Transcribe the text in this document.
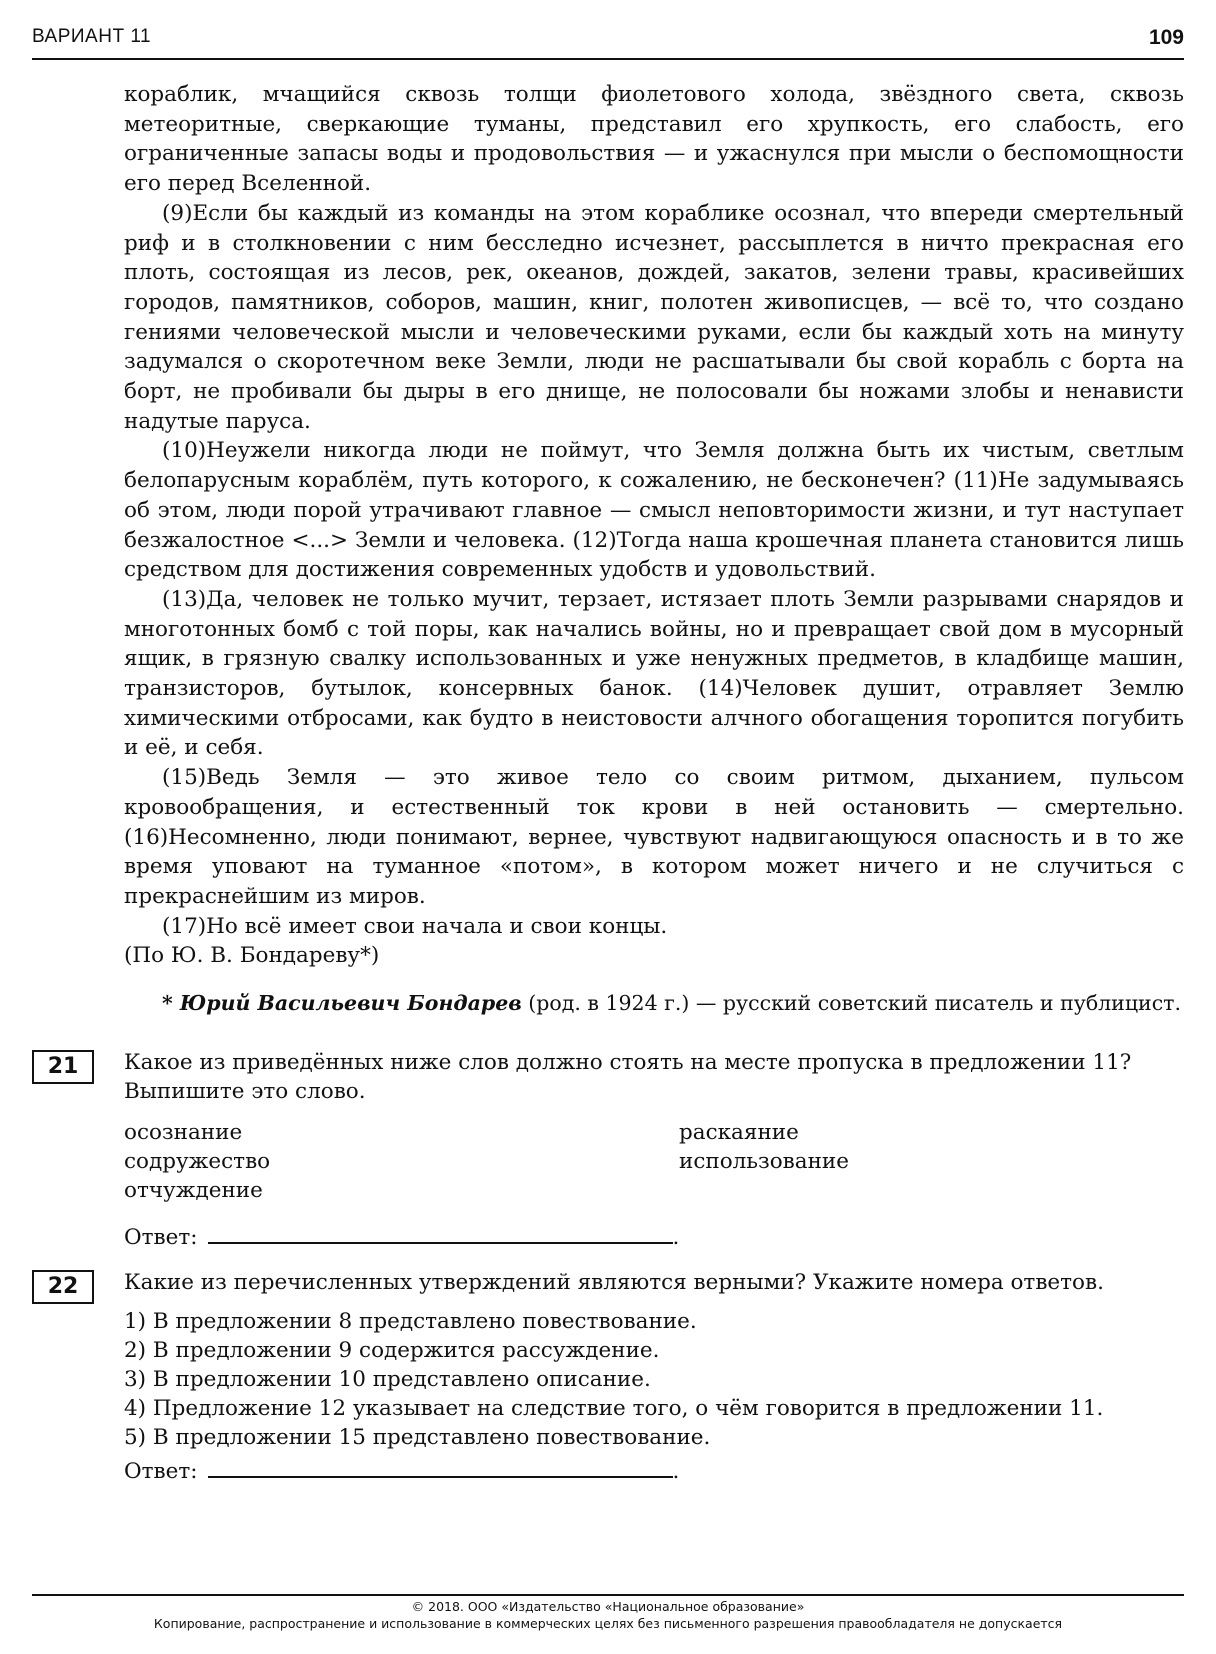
ВАРИАНТ 11	109

кораблик, мчащийся сквозь толщи фиолетового холода, звёздного света, сквозь метеоритные, сверкающие туманы, представил его хрупкость, его слабость, его ограниченные запасы воды и продовольствия — и ужаснулся при мысли о беспомощности его перед Вселенной.

(9)Если бы каждый из команды на этом кораблике осознал, что впереди смертельный риф и в столкновении с ним бесследно исчезнет, рассыплется в ничто прекрасная его плоть, состоящая из лесов, рек, океанов, дождей, закатов, зелени травы, красивейших городов, памятников, соборов, машин, книг, полотен живописцев, — всё то, что создано гениями человеческой мысли и человеческими руками, если бы каждый хоть на минуту задумался о скоротечном веке Земли, люди не расшатывали бы свой корабль с борта на борт, не пробивали бы дыры в его днище, не полосовали бы ножами злобы и ненависти надутые паруса.

(10)Неужели никогда люди не поймут, что Земля должна быть их чистым, светлым белопарусным кораблём, путь которого, к сожалению, не бесконечен? (11)Не задумываясь об этом, люди порой утрачивают главное — смысл неповторимости жизни, и тут наступает безжалостное <...> Земли и человека. (12)Тогда наша крошечная планета становится лишь средством для достижения современных удобств и удовольствий.

(13)Да, человек не только мучит, терзает, истязает плоть Земли разрывами снарядов и многотонных бомб с той поры, как начались войны, но и превращает свой дом в мусорный ящик, в грязную свалку использованных и уже ненужных предметов, в кладбище машин, транзисторов, бутылок, консервных банок. (14)Человек душит, отравляет Землю химическими отбросами, как будто в неистовости алчного обогащения торопится погубить и её, и себя.

(15)Ведь Земля — это живое тело со своим ритмом, дыханием, пульсом кровообращения, и естественный ток крови в ней остановить — смертельно. (16)Несомненно, люди понимают, вернее, чувствуют надвигающуюся опасность и в то же время уповают на туманное «потом», в котором может ничего и не случиться с прекраснейшим из миров.

(17)Но всё имеет свои начала и свои концы.

(По Ю. В. Бондареву*)

* Юрий Васильевич Бондарев (род. в 1924 г.) — русский советский писатель и публицист.

21	Какое из приведённых ниже слов должно стоять на месте пропуска в предложении 11? Выпишите это слово.

осознание
содружество
отчуждение
раскаяние
использование
Ответ:	.
22	Какие из перечисленных утверждений являются верными? Укажите номера ответов.

1) В предложении 8 представлено повествование.
2) В предложении 9 содержится рассуждение.
3) В предложении 10 представлено описание.
4) Предложение 12 указывает на следствие того, о чём говорится в предложении 11.
5) В предложении 15 представлено повествование.
Ответ:	.
© 2018. ООО «Издательство «Национальное образование»
Копирование, распространение и использование в коммерческих целях без письменного разрешения правообладателя не допускается
